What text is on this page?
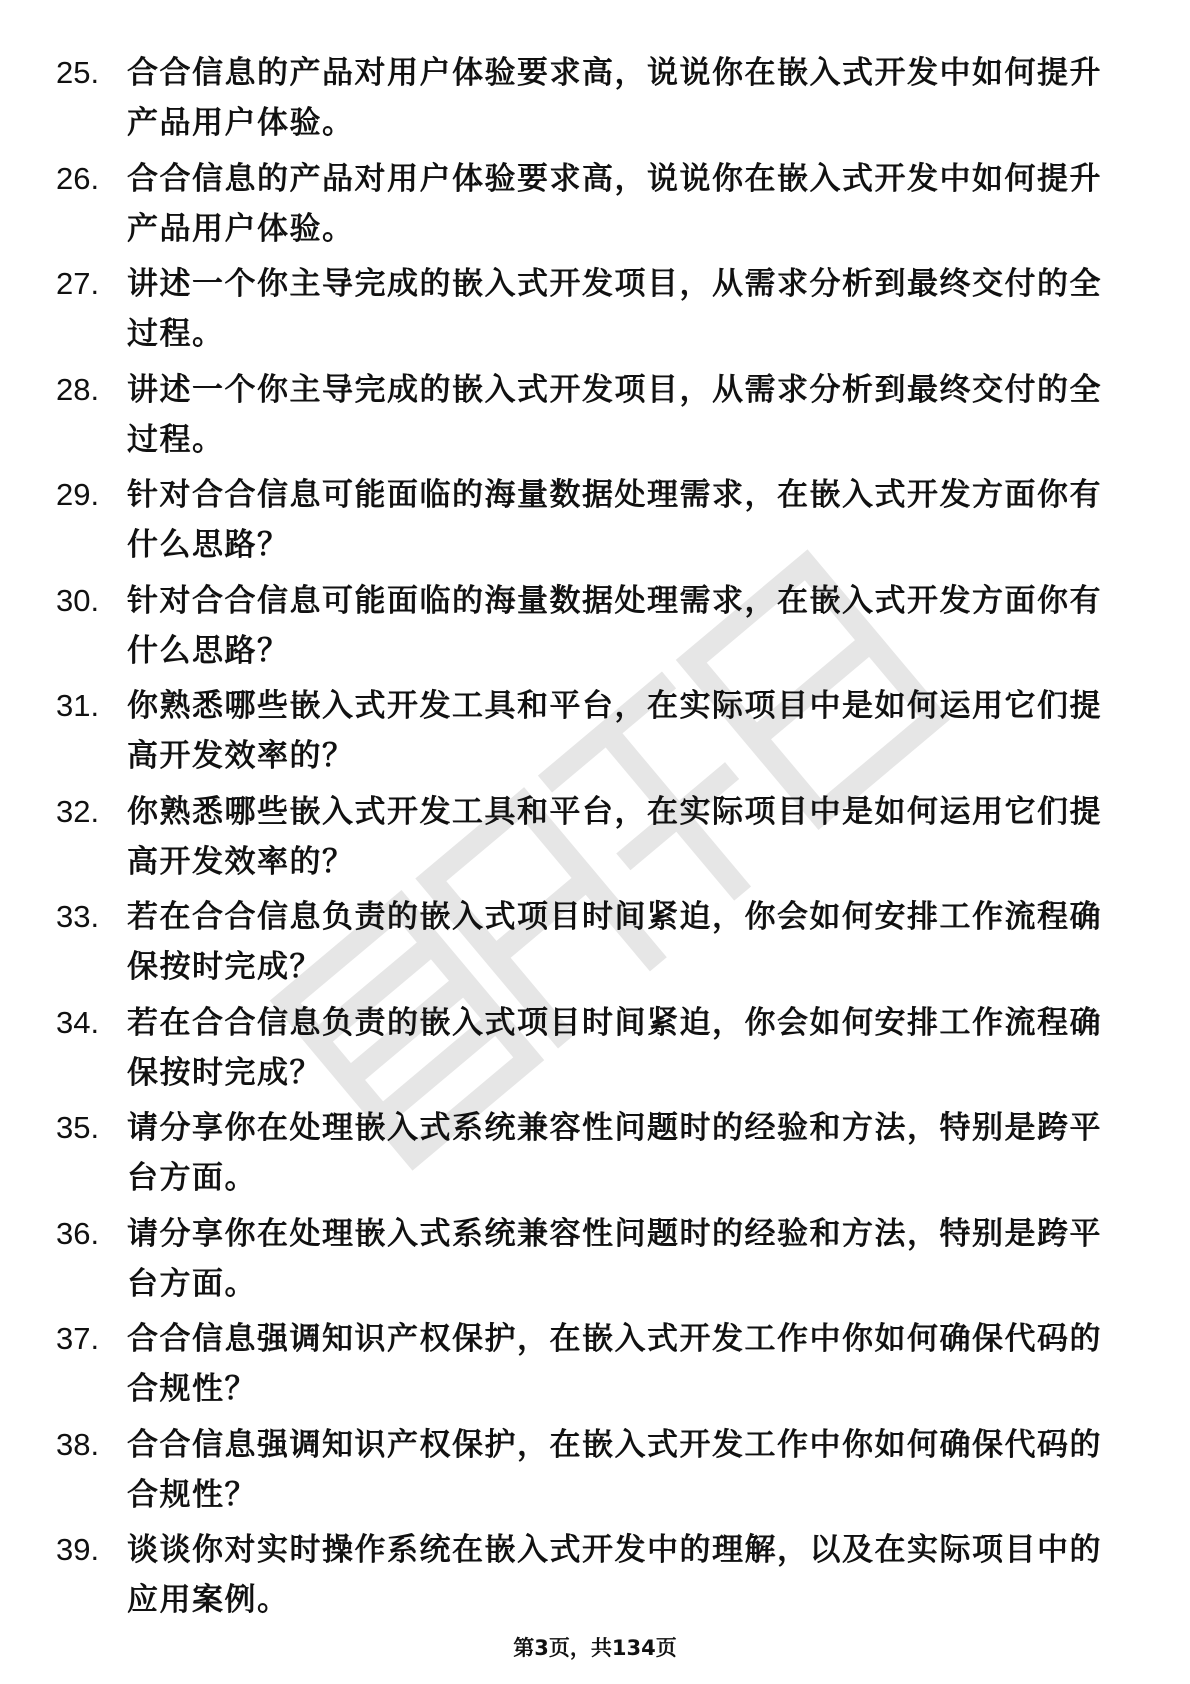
25. 合合信息的产品对用户体验要求高，说说你在嵌入式开发中如何提升产品用户体验。
26. 合合信息的产品对用户体验要求高，说说你在嵌入式开发中如何提升产品用户体验。
27. 讲述一个你主导完成的嵌入式开发项目，从需求分析到最终交付的全过程。
28. 讲述一个你主导完成的嵌入式开发项目，从需求分析到最终交付的全过程。
29. 针对合合信息可能面临的海量数据处理需求，在嵌入式开发方面你有什么思路？
30. 针对合合信息可能面临的海量数据处理需求，在嵌入式开发方面你有什么思路？
31. 你熟悉哪些嵌入式开发工具和平台，在实际项目中是如何运用它们提高开发效率的？
32. 你熟悉哪些嵌入式开发工具和平台，在实际项目中是如何运用它们提高开发效率的？
33. 若在合合信息负责的嵌入式项目时间紧迫，你会如何安排工作流程确保按时完成？
34. 若在合合信息负责的嵌入式项目时间紧迫，你会如何安排工作流程确保按时完成？
35. 请分享你在处理嵌入式系统兼容性问题时的经验和方法，特别是跨平台方面。
36. 请分享你在处理嵌入式系统兼容性问题时的经验和方法，特别是跨平台方面。
37. 合合信息强调知识产权保护，在嵌入式开发工作中你如何确保代码的合规性？
38. 合合信息强调知识产权保护，在嵌入式开发工作中你如何确保代码的合规性？
39. 谈谈你对实时操作系统在嵌入式开发中的理解，以及在实际项目中的应用案例。
第3页，共134页
